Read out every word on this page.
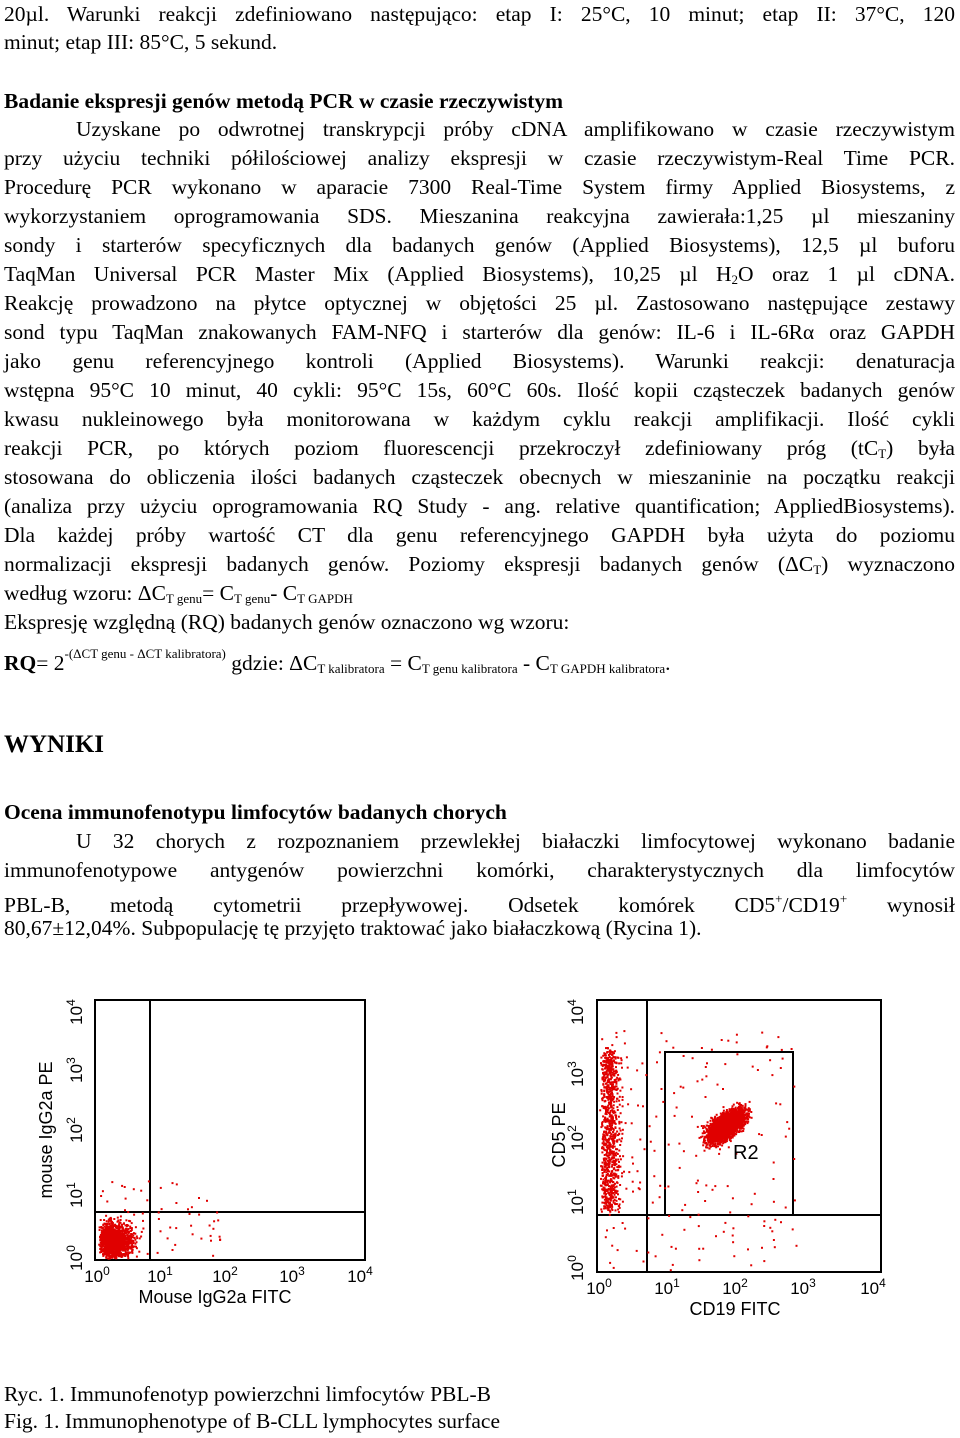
20µl. Warunki reakcji zdefiniowano następująco: etap I: 25°C, 10 minut; etap II: 37°C, 120
minut; etap III: 85°C, 5 sekund.
Badanie ekspresji genów metodą PCR w czasie rzeczywistym
Uzyskane po odwrotnej transkrypcji próby cDNA amplifikowano w czasie rzeczywistym
przy użyciu techniki półilościowej analizy ekspresji w czasie rzeczywistym-Real Time PCR.
Procedurę PCR wykonano w aparacie 7300 Real-Time System firmy Applied Biosystems, z
wykorzystaniem oprogramowania SDS. Mieszanina reakcyjna zawierała:1,25 µl mieszaniny
sondy i starterów specyficznych dla badanych genów (Applied Biosystems), 12,5 µl buforu
TaqMan Universal PCR Master Mix (Applied Biosystems), 10,25 µl $H_2O$ oraz 1 µl cDNA.
Reakcję prowadzono na płytce optycznej w objętości 25 µl. Zastosowano następujące zestawy
sond typu TaqMan znakowanych FAM-NFQ i starterów dla genów: IL-6 i IL-6Rα oraz GAPDH
jako genu referencyjnego kontroli (Applied Biosystems). Warunki reakcji: denaturacja
wstępna 95°C 10 minut, 40 cykli: 95°C 15s, 60°C 60s. Ilość kopii cząsteczek badanych genów
kwasu nukleinowego była monitorowana w każdym cyklu reakcji amplifikacji. Ilość cykli
reakcji PCR, po których poziom fluorescencji przekroczył zdefiniowany próg $(tC_T)$ była
stosowana do obliczenia ilości badanych cząsteczek obecnych w mieszaninie na początku reakcji
(analiza przy użyciu oprogramowania RQ Study - ang. relative quantification; AppliedBiosystems).
Dla każdej próby wartość CT dla genu referencyjnego GAPDH była użyta do poziomu
normalizacji ekspresji badanych genów. Poziomy ekspresji badanych genów $(\Delta C_T)$ wyznaczono
według wzoru: $\Delta C_{T genu}= C_{T genu}-$ $C_{T GAPDH}$
Ekspresję względną (RQ) badanych genów oznaczono wg wzoru:
$RQ= 2^{-(\Delta CT genu - \Delta CT kalibratora)}$ gdzie: $\Delta C_{T kalibratora} = C_{T genu kalibratora} - C_{T GAPDH kalibratora}$.
WYNIKI
Ocena immunofenotypu limfocytów badanych chorych
U 32 chorych z rozpoznaniem przewlekłej białaczki limfocytowej wykonano badanie
immunofenotypowe antygenów powierzchni komórki, charakterystycznych dla limfocytów
PBL-B, metodą cytometrii przepływowej. Odsetek komórek CD5+/CD19+ wynosił
80,67±12,04%. Subpopulację tę przyjęto traktować jako białaczkową (Rycina 1).
$10^0$
$10^1$
$10^2$
$10^3$
$10^4$
$10^0$ $10^1$ $10^2$ $10^3$ $10^4$
mouse IgG2a PE
Mouse IgG2a FITC
R2
$10^0$
$10^1$
$10^2$
$10^3$
$10^4$
$10^0$ $10^1$ $10^2$ $10^3$	$10^4$
CD5 PE
CD19 FITC
Ryc. 1. Immunofenotyp powierzchni limfocytów PBL-B
Fig. 1. Immunophenotype of B-CLL lymphocytes surface
